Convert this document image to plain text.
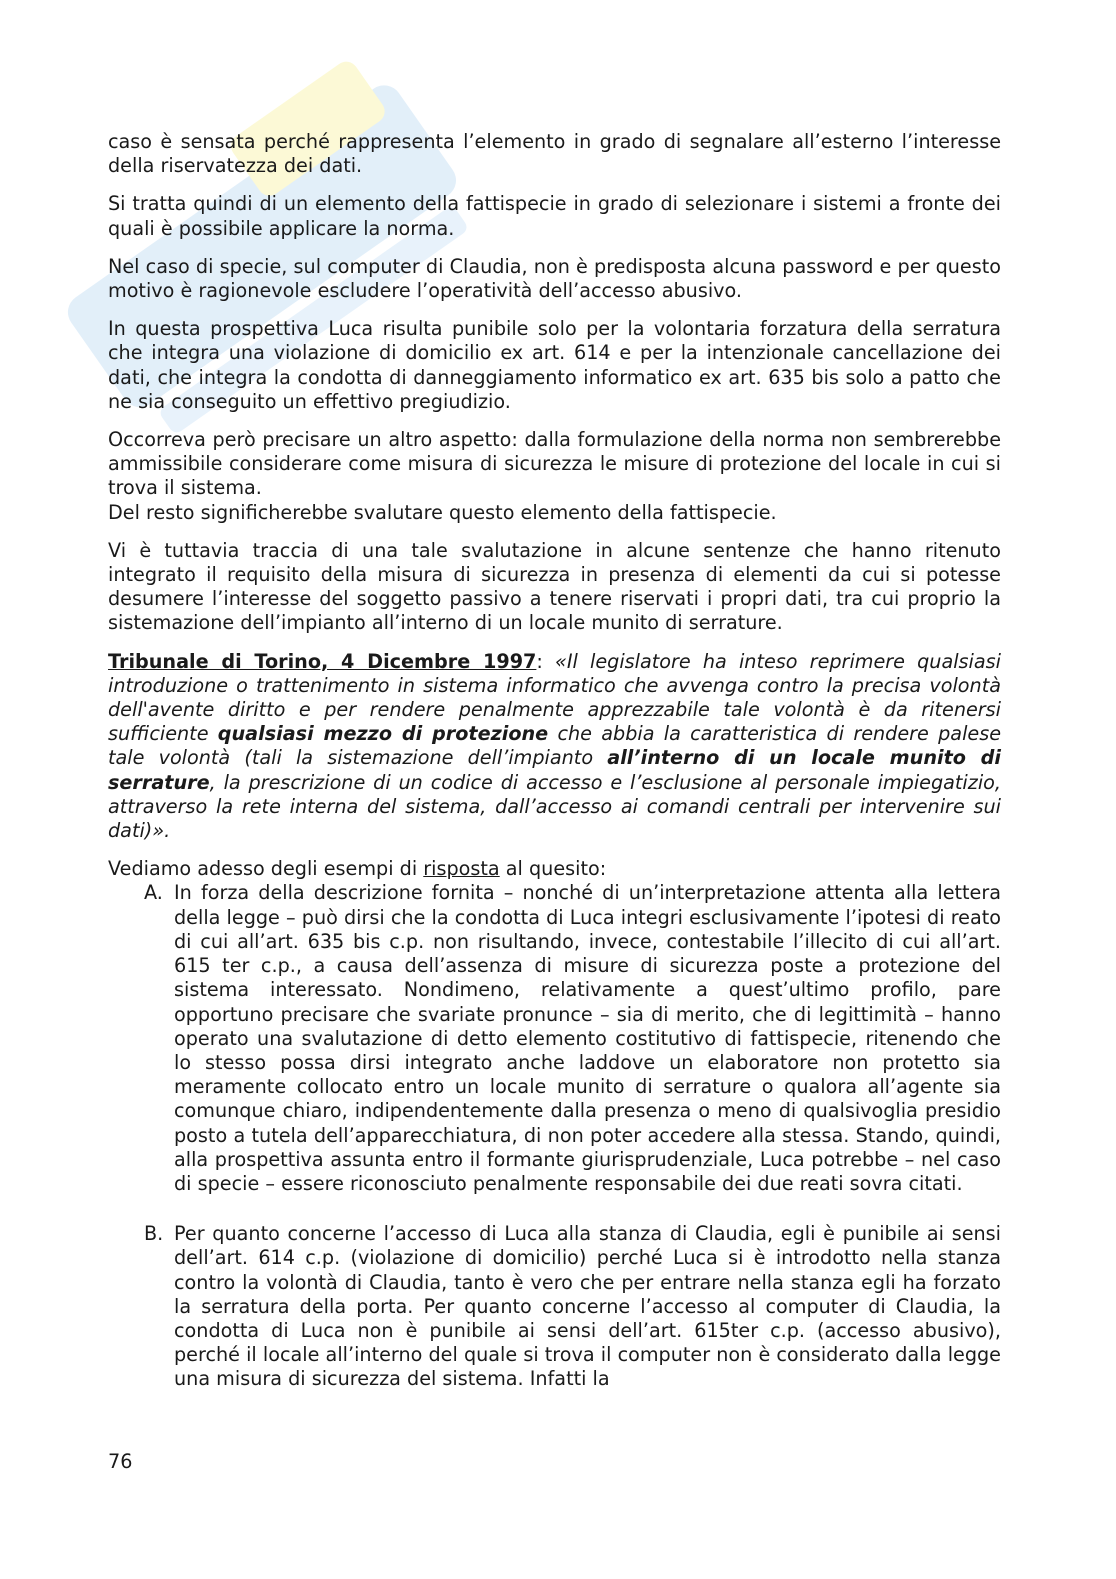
caso è sensata perché rappresenta l’elemento in grado di segnalare all’esterno l’interesse della riservatezza dei dati.

Si tratta quindi di un elemento della fattispecie in grado di selezionare i sistemi a fronte dei quali è possibile applicare la norma.

Nel caso di specie, sul computer di Claudia, non è predisposta alcuna password e per questo motivo è ragionevole escludere l’operatività dell’accesso abusivo.

In questa prospettiva Luca risulta punibile solo per la volontaria forzatura della serratura che integra una violazione di domicilio ex art. 614 e per la intenzionale cancellazione dei dati, che integra la condotta di danneggiamento informatico ex art. 635 bis solo a patto che ne sia conseguito un effettivo pregiudizio.

Occorreva però precisare un altro aspetto: dalla formulazione della norma non sembrerebbe ammissibile considerare come misura di sicurezza le misure di protezione del locale in cui si trova il sistema.

Del resto significherebbe svalutare questo elemento della fattispecie.

Vi è tuttavia traccia di una tale svalutazione in alcune sentenze che hanno ritenuto integrato il requisito della misura di sicurezza in presenza di elementi da cui si potesse desumere l’interesse del soggetto passivo a tenere riservati i propri dati, tra cui proprio la sistemazione dell’impianto all’interno di un locale munito di serrature.

Tribunale di Torino, 4 Dicembre 1997: «Il legislatore ha inteso reprimere qualsiasi introduzione o trattenimento in sistema informatico che avvenga contro la precisa volontà dell'avente diritto e per rendere penalmente apprezzabile tale volontà è da ritenersi sufficiente qualsiasi mezzo di protezione che abbia la caratteristica di rendere palese tale volontà (tali la sistemazione dell’impianto all’interno di un locale munito di serrature, la prescrizione di un codice di accesso e l’esclusione al personale impiegatizio, attraverso la rete interna del sistema, dall’accesso ai comandi centrali per intervenire sui dati)».
Vediamo adesso degli esempi di risposta al quesito:
A. In forza della descrizione fornita – nonché di un’interpretazione attenta alla lettera della legge – può dirsi che la condotta di Luca integri esclusivamente l’ipotesi di reato di cui all’art. 635 bis c.p. non risultando, invece, contestabile l’illecito di cui all’art. 615 ter c.p., a causa dell’assenza di misure di sicurezza poste a protezione del sistema interessato. Nondimeno, relativamente a quest’ultimo profilo, pare opportuno precisare che svariate pronunce – sia di merito, che di legittimità – hanno operato una svalutazione di detto elemento costitutivo di fattispecie, ritenendo che lo stesso possa dirsi integrato anche laddove un elaboratore non protetto sia meramente collocato entro un locale munito di serrature o qualora all’agente sia comunque chiaro, indipendentemente dalla presenza o meno di qualsivoglia presidio posto a tutela dell’apparecchiatura, di non poter accedere alla stessa. Stando, quindi, alla prospettiva assunta entro il formante giurisprudenziale, Luca potrebbe – nel caso di specie – essere riconosciuto penalmente responsabile dei due reati sovra citati.
B. Per quanto concerne l’accesso di Luca alla stanza di Claudia, egli è punibile ai sensi dell’art. 614 c.p. (violazione di domicilio) perché Luca si è introdotto nella stanza contro la volontà di Claudia, tanto è vero che per entrare nella stanza egli ha forzato la serratura della porta. Per quanto concerne l’accesso al computer di Claudia, la condotta di Luca non è punibile ai sensi dell’art. 615ter c.p. (accesso abusivo), perché il locale all’interno del quale si trova il computer non è considerato dalla legge una misura di sicurezza del sistema. Infatti la
76
